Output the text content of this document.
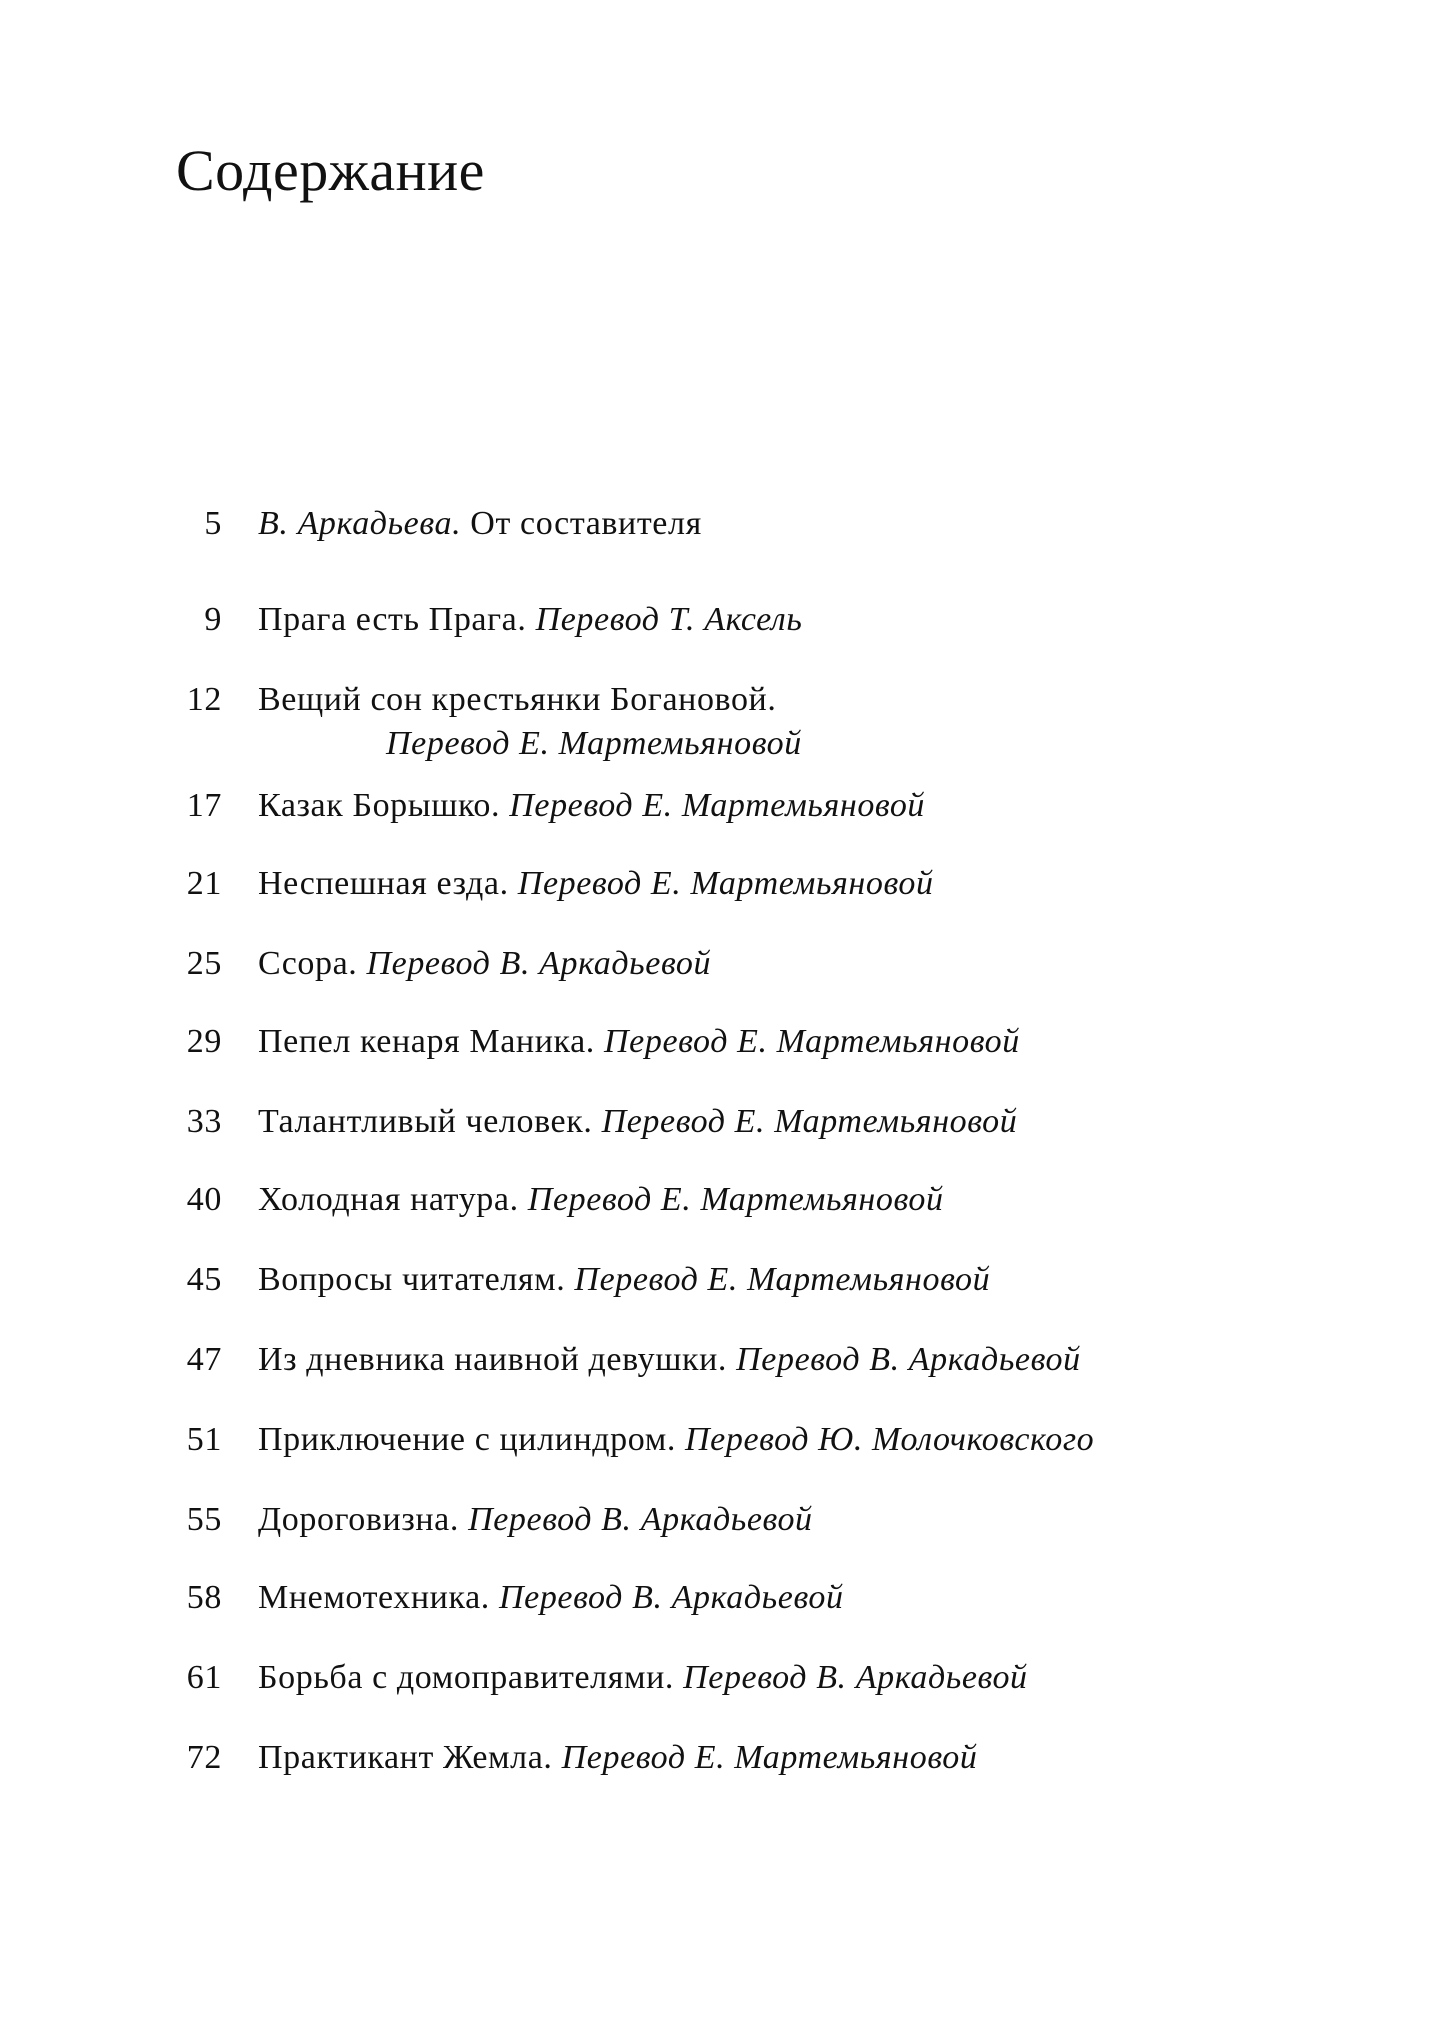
Содержание
5 В. Аркадьева. От составителя
9 Прага есть Прага. Перевод Т. Аксель
12 Вещий сон крестьянки Богановой.
Перевод Е. Мартемьяновой
17 Казак Борышко. Перевод Е. Мартемьяновой
21 Неспешная езда. Перевод Е. Мартемьяновой
25 Ссора. Перевод В. Аркадьевой
29 Пепел кенаря Маника. Перевод Е. Мартемьяновой
33 Талантливый человек. Перевод Е. Мартемьяновой
40 Холодная натура. Перевод Е. Мартемьяновой
45 Вопросы читателям. Перевод Е. Мартемьяновой
47 Из дневника наивной девушки. Перевод В. Аркадьевой
51 Приключение с цилиндром. Перевод Ю. Молочковского
55 Дороговизна. Перевод В. Аркадьевой
58 Мнемотехника. Перевод В. Аркадьевой
61 Борьба с домоправителями. Перевод В. Аркадьевой
72 Практикант Жемла. Перевод Е. Мартемьяновой
